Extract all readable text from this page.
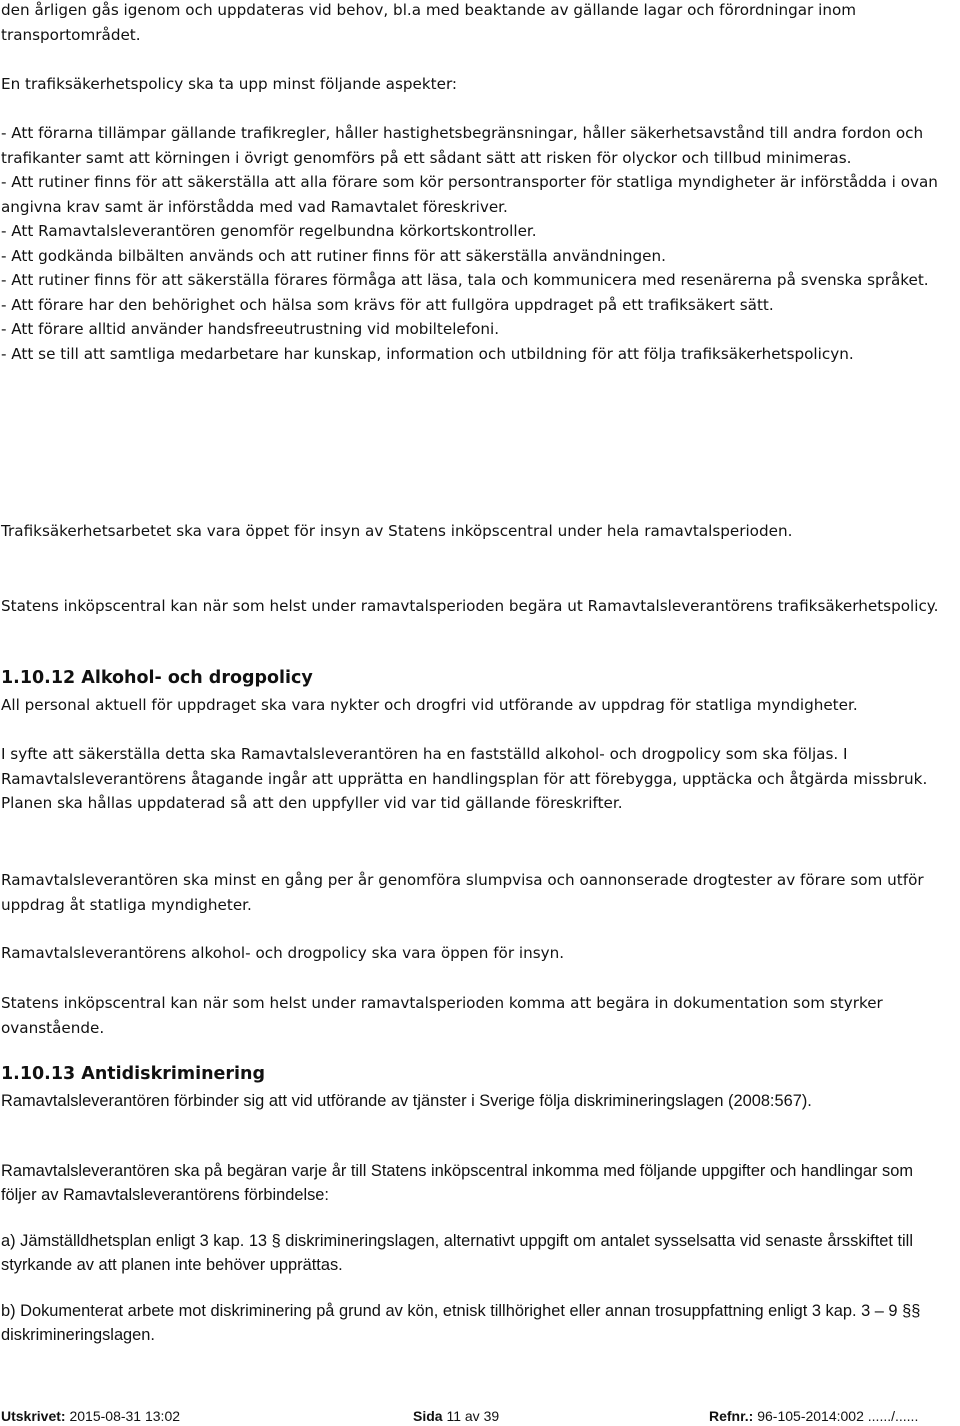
den årligen gås igenom och uppdateras vid behov, bl.a med beaktande av gällande lagar och förordningar inom transportområdet.

En trafiksäkerhetspolicy ska ta upp minst följande aspekter:

- Att förarna tillämpar gällande trafikregler, håller hastighetsbegränsningar, håller säkerhetsavstånd till andra fordon och trafikanter samt att körningen i övrigt genomförs på ett sådant sätt att risken för olyckor och tillbud minimeras.

- Att rutiner finns för att säkerställa att alla förare som kör persontransporter för statliga myndigheter är införstådda i ovan angivna krav samt är införstådda med vad Ramavtalet föreskriver.

- Att Ramavtalsleverantören genomför regelbundna körkortskontroller.

- Att godkända bilbälten används och att rutiner finns för att säkerställa användningen.

- Att rutiner finns för att säkerställa förares förmåga att läsa, tala och kommunicera med resenärerna på svenska språket.

- Att förare har den behörighet och hälsa som krävs för att fullgöra uppdraget på ett trafiksäkert sätt.

- Att förare alltid använder handsfreeutrustning vid mobiltelefoni.

- Att se till att samtliga medarbetare har kunskap, information och utbildning för att följa trafiksäkerhetspolicyn.

Trafiksäkerhetsarbetet ska vara öppet för insyn av Statens inköpscentral under hela ramavtalsperioden.

Statens inköpscentral kan när som helst under ramavtalsperioden begära ut Ramavtalsleverantörens trafiksäkerhetspolicy.

1.10.12 Alkohol- och drogpolicy

All personal aktuell för uppdraget ska vara nykter och drogfri vid utförande av uppdrag för statliga myndigheter.

I syfte att säkerställa detta ska Ramavtalsleverantören ha en fastställd alkohol- och drogpolicy som ska följas. I Ramavtalsleverantörens åtagande ingår att upprätta en handlingsplan för att förebygga, upptäcka och åtgärda missbruk. Planen ska hållas uppdaterad så att den uppfyller vid var tid gällande föreskrifter.

Ramavtalsleverantören ska minst en gång per år genomföra slumpvisa och oannonserade drogtester av förare som utför uppdrag åt statliga myndigheter.

Ramavtalsleverantörens alkohol- och drogpolicy ska vara öppen för insyn.

Statens inköpscentral kan när som helst under ramavtalsperioden komma att begära in dokumentation som styrker ovanstående.

1.10.13 Antidiskriminering

Ramavtalsleverantören förbinder sig att vid utförande av tjänster i Sverige följa diskrimineringslagen (2008:567).

Ramavtalsleverantören ska på begäran varje år till Statens inköpscentral inkomma med följande uppgifter och handlingar som följer av Ramavtalsleverantörens förbindelse:

a) Jämställdhetsplan enligt 3 kap. 13 § diskrimineringslagen, alternativt uppgift om antalet sysselsatta vid senaste årsskiftet till styrkande av att planen inte behöver upprättas.

b) Dokumenterat arbete mot diskriminering på grund av kön, etnisk tillhörighet eller annan trosuppfattning enligt 3 kap. 3 – 9 §§ diskrimineringslagen.

Utskrivet: 2015-08-31 13:02	Sida 11 av 39	Refnr.: 96-105-2014:002 ....../......
